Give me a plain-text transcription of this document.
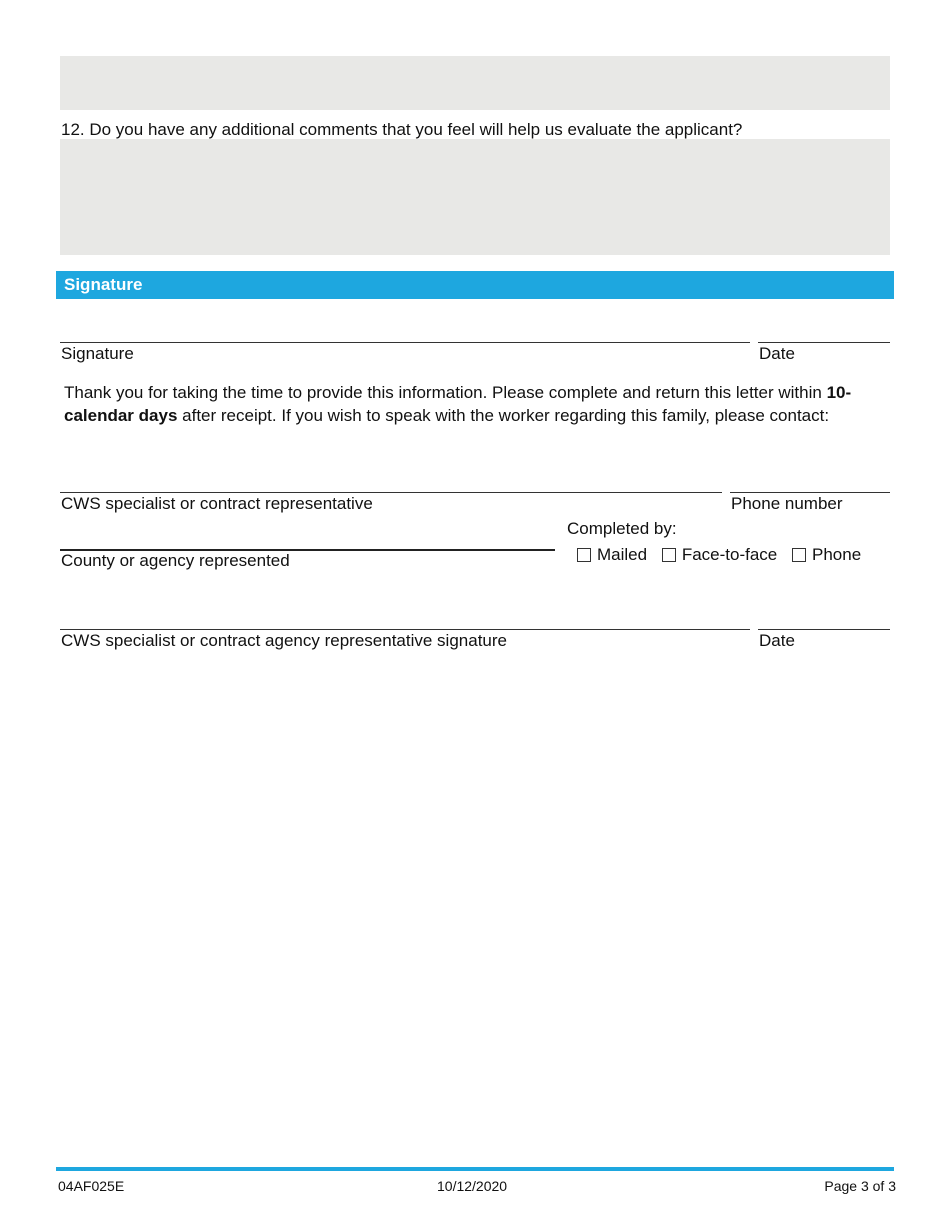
12. Do you have any additional comments that you feel will help us evaluate the applicant?
Signature
Signature	Date
Thank you for taking the time to provide this information. Please complete and return this letter within 10-calendar days after receipt. If you wish to speak with the worker regarding this family, please contact:
CWS specialist or contract representative	Phone number
Completed by:
Mailed Face-to-face Phone
County or agency represented
CWS specialist or contract agency representative signature	Date
04AF025E	10/12/2020	Page 3 of 3
